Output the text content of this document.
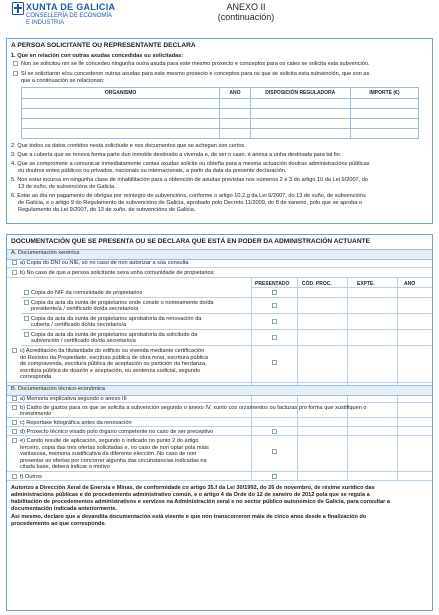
XUNTA DE GALICIA
CONSELLERÍA DE ECONOMÍA
E INDUSTRIA
ANEXO II
(continuación)
A PERSOA SOLICITANTE OU REPRESENTANTE DECLARA
1. Que en relación con outras axudas concedidas ou solicitadas:
Non se solicitou nin se lle concedeu ningunha outra axuda para este mesmo proxecto e conceptos para os cales se solicita esta subvención.
Si se solicitaron e/ou concederon outras axudas para este mesmo proxecto e conceptos para os que se solicita esta subvención, que son as
que a continuación se relacionan:
ORGANISMO	ANO	DISPOSICIÓN REGULADORA	IMPORTE (€)

2. Que todos os datos contidos nesta solicitude e nos documentos que se achegan son certos.
3. Que a cuberta que se renova forma parte dun inmoble destinado a vivenda e, de ser o caso, é anexa a unha destinada para tal fin.
4. Que se compromete a comunicar inmediatamente cantas axudas solicite ou obteña para a mesma actuación doutras administracións públicas
ou doutros entes públicos ou privados, nacionais ou internacionais, a partir da data da presente declaración.
5. Non estar incursa en ningunha clase de inhabilitación para a obtención de axudas previstas nos números 2 e 3 do artigo 10 da Lei 9/2007, do
13 de xuño, de subvencións de Galicia.
6. Estar ao día no pagamento de obrigas por reintegro de subvencións, conforme o artigo 10.2.g da Lei 9/2007, do 13 de xuño, de subvencións
de Galicia, e o artigo 9 do Regulamento de subvencións de Galicia, aprobado polo Decreto 11/2009, do 8 de xaneiro, polo que se aproba o
Regulamento da Lei 9/2007, do 13 de xuño, de subvencións de Galicia.
DOCUMENTACIÓN QUE SE PRESENTA OU SE DECLARA QUE ESTÁ EN PODER DA ADMINISTRACIÓN ACTUANTE
A. Documentación xenérica
a) Copia do DNI ou NIE, só no caso de non autorizar a súa consulta
b) No caso de que a persoa solicitante sexa unha comunidade de propietarios:
PRESENTADO	CÓD. PROC.	EXPTE.	ANO
Copia do NIF da comunidade de propietarios
Copia da acta da xunta de propietarios onde conste o nomeamento do/da
presidente/a / certificado do/da secretario/a
Copia da acta da xunta de propietarios aprobatoria da renovación da
cuberta / certificado do/da secretario/a
Copia da acta da xunta de propietarios aprobatoria da solicitude da
subvención / certificado do/da secretario/a
c) Acreditación da titularidade do edificio ou vivenda mediante certificación
do Rexistro da Propiedade, escritura pública de obra nova, escritura pública
de compravenda, escritura pública de aceptación ou partición da herdanza,
escritura pública de doazón e aceptación, ou sentenza xudicial, segundo
corresponda
B. Documentación técnico-económica
a) Memoria explicativa segundo o anexo III
b) Cadro de gastos para os que se solicita a subvención segundo o anexo IV, xunto cos orzamentos ou facturas pro forma que xustifiquen o
investimento
c) Reportaxe fotográfica antes da renovación
d) Proxecto técnico visado polo órgano competente no caso de ser preceptivo
e) Cando resulte de aplicación, segundo o indicado no punto 2 do artigo
terceiro, copia das tres ofertas solicitadas e, no caso de non optar pola máis
vantaxosa, memoria xustificativa da diferente elección. No caso de non
presentar as ofertas por concorrer algunha das circunstancias indicadas na
citada base, deberá indicar o motivo
f) Outros
Autorizo a Dirección Xeral de Enerxía e Minas, de conformidade co artigo 35.f da Lei 30/1992, do 26 de novembro, de réxime xurídico das
administracións públicas e do procedemento administrativo común, e o artigo 4 da Orde do 12 de xaneiro de 2012 pola que se regula a
habilitación de procedementos administrativos e servizos na Administración xeral e no sector público autonómico de Galicia, para consultar a
documentación indicada anteriormente.
Así mesmo, declaro que a devandita documentación está vixente e que non transcorreron máis de cinco anos desde a finalización do
procedemento ao que corresponde.
